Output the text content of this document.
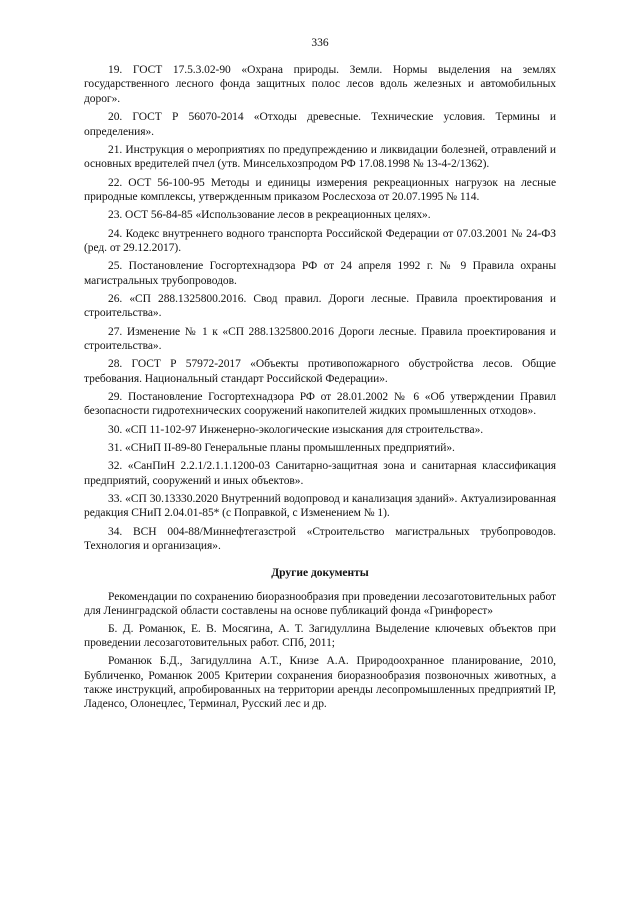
336

19. ГОСТ 17.5.3.02-90 «Охрана природы. Земли. Нормы выделения на землях государственного лесного фонда защитных полос лесов вдоль железных и автомобильных дорог».

20. ГОСТ Р 56070-2014 «Отходы древесные. Технические условия. Термины и определения».

21. Инструкция о мероприятиях по предупреждению и ликвидации болезней, отравлений и основных вредителей пчел (утв. Минсельхозпродом РФ 17.08.1998 № 13-4-2/1362).

22. ОСТ 56-100-95 Методы и единицы измерения рекреационных нагрузок на лесные природные комплексы, утвержденным приказом Рослесхоза от 20.07.1995 № 114.

23. ОСТ 56-84-85 «Использование лесов в рекреационных целях».

24. Кодекс внутреннего водного транспорта Российской Федерации от 07.03.2001 № 24-ФЗ (ред. от 29.12.2017).

25. Постановление Госгортехнадзора РФ от 24 апреля 1992 г. № 9 Правила охраны магистральных трубопроводов.

26. «СП 288.1325800.2016. Свод правил. Дороги лесные. Правила проектирования и строительства».

27. Изменение № 1 к «СП 288.1325800.2016 Дороги лесные. Правила проектирования и строительства».

28. ГОСТ Р 57972-2017 «Объекты противопожарного обустройства лесов. Общие требования. Национальный стандарт Российской Федерации».

29. Постановление Госгортехнадзора РФ от 28.01.2002 № 6 «Об утверждении Правил безопасности гидротехнических сооружений накопителей жидких промышленных отходов».

30. «СП 11-102-97 Инженерно-экологические изыскания для строительства».

31. «СНиП II-89-80 Генеральные планы промышленных предприятий».

32. «СанПиН 2.2.1/2.1.1.1200-03 Санитарно-защитная зона и санитарная классификация предприятий, сооружений и иных объектов».

33. «СП 30.13330.2020 Внутренний водопровод и канализация зданий». Актуализированная редакция СНиП 2.04.01-85* (с Поправкой, с Изменением № 1).

34. ВСН 004-88/Миннефтегазстрой «Строительство магистральных трубопроводов. Технология и организация».

Другие документы

Рекомендации по сохранению биоразнообразия при проведении лесозаготовительных работ для Ленинградской области составлены на основе публикаций фонда «Гринфорест»

Б. Д. Романюк, Е. В. Мосягина, А. Т. Загидуллина Выделение ключевых объектов при проведении лесозаготовительных работ. СПб, 2011;

Романюк Б.Д., Загидуллина А.Т., Книзе А.А. Природоохранное планирование, 2010, Бубличенко, Романюк 2005 Критерии сохранения биоразнообразия позвоночных животных, а также инструкций, апробированных на территории аренды лесопромышленных предприятий IP, Ладенсо, Олонецлес, Терминал, Русский лес и др.
